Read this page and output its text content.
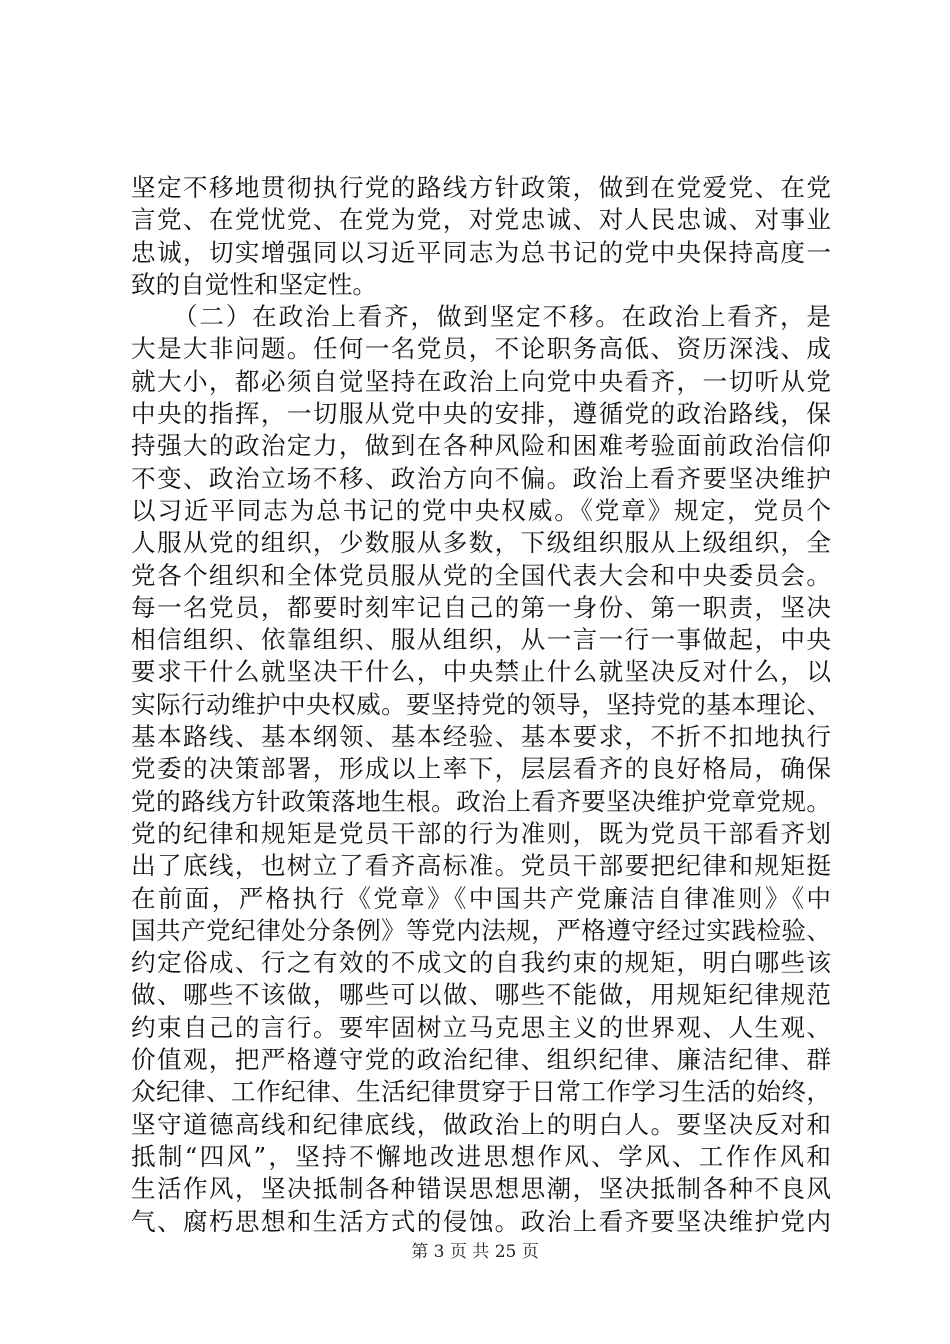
坚定不移地贯彻执行党的路线方针政策，做到在党爱党、在党
言党、在党忧党、在党为党，对党忠诚、对人民忠诚、对事业
忠诚，切实增强同以习近平同志为总书记的党中央保持高度一
致的自觉性和坚定性。
（二）在政治上看齐，做到坚定不移。在政治上看齐，是
大是大非问题。任何一名党员，不论职务高低、资历深浅、成
就大小，都必须自觉坚持在政治上向党中央看齐，一切听从党
中央的指挥，一切服从党中央的安排，遵循党的政治路线，保
持强大的政治定力，做到在各种风险和困难考验面前政治信仰
不变、政治立场不移、政治方向不偏。政治上看齐要坚决维护
以习近平同志为总书记的党中央权威。《党章》规定，党员个
人服从党的组织，少数服从多数，下级组织服从上级组织，全
党各个组织和全体党员服从党的全国代表大会和中央委员会。
每一名党员，都要时刻牢记自己的第一身份、第一职责，坚决
相信组织、依靠组织、服从组织，从一言一行一事做起，中央
要求干什么就坚决干什么，中央禁止什么就坚决反对什么，以
实际行动维护中央权威。要坚持党的领导，坚持党的基本理论、
基本路线、基本纲领、基本经验、基本要求，不折不扣地执行
党委的决策部署，形成以上率下，层层看齐的良好格局，确保
党的路线方针政策落地生根。政治上看齐要坚决维护党章党规。
党的纪律和规矩是党员干部的行为准则，既为党员干部看齐划
出了底线，也树立了看齐高标准。党员干部要把纪律和规矩挺
在前面，严格执行《党章》《中国共产党廉洁自律准则》《中
国共产党纪律处分条例》等党内法规，严格遵守经过实践检验、
约定俗成、行之有效的不成文的自我约束的规矩，明白哪些该
做、哪些不该做，哪些可以做、哪些不能做，用规矩纪律规范
约束自己的言行。要牢固树立马克思主义的世界观、人生观、
价值观，把严格遵守党的政治纪律、组织纪律、廉洁纪律、群
众纪律、工作纪律、生活纪律贯穿于日常工作学习生活的始终，
坚守道德高线和纪律底线，做政治上的明白人。要坚决反对和
抵制“四风”，坚持不懈地改进思想作风、学风、工作作风和
生活作风，坚决抵制各种错误思想思潮，坚决抵制各种不良风
气、腐朽思想和生活方式的侵蚀。政治上看齐要坚决维护党内
第 3 页 共 25 页
